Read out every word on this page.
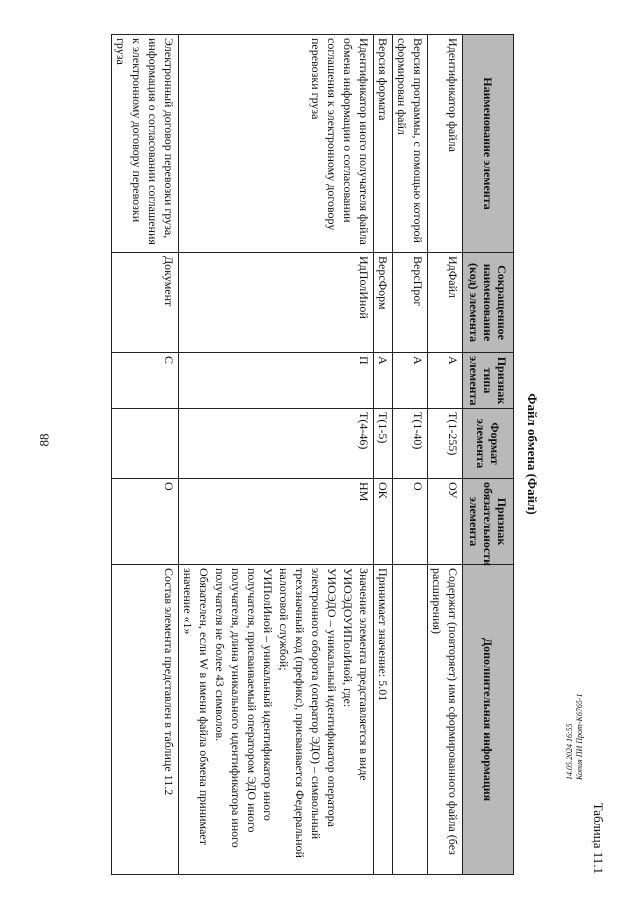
88
14.05.2024 16:55 Копия ПИ Прот-K6765-1
Таблица 11.1
Файл обмена (Файл)
Наименование элемента	Сокращенное наименование (код) элемента	Признак типа элемента	Формат элемента	Признак обязательности элемента	Дополнительная информация
Идентификатор файла	ИдФайл	А	T(1-255)	ОУ	Содержит (повторяет) имя сформированного файла (без расширения)

Версия программы, с помощью которой сформирован файл	ВерсПрог	А	T(1-40)	О	

Версия формата	ВерсФорм	А	T(1-5)	ОК	Принимает значение: 5.01

Идентификатор иного получателя файла обмена информации о согласовании соглашения к электронному договору перевозки груза	ИдПолИной	П	T(4-46)	НМ	Значение элемента представляется в виде УИОЭДОУИПолИной, где:
УИОЭДО – уникальный идентификатор оператора электронного оборота (оператор ЭДО) – символьный трехзначный код (префикс), присваивается Федеральной налоговой службой;
УИПолИной – уникальный идентификатор иного получателя, присваиваемый оператором ЭДО иного получателя, длина уникального идентификатора иного получателя не более 43 символов.
Обязателен, если W в имени файла обмена принимает значение «1»

Электронный договор перевозки груза, информация о согласовании соглашения к электронному договору перевозки груза	Документ	С		О	Состав элемента представлен в таблице 11.2
